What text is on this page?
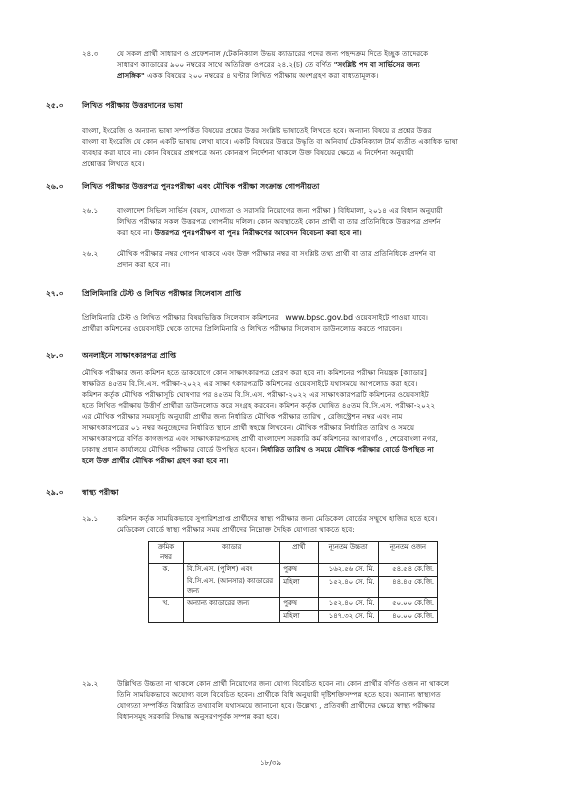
২৪.৩	যে সকল প্রার্থী সাধারণ ও প্রফেশনাল /টেকনিক্যাল উভয় ক্যাডারের পদের জন্য পছন্দক্রম দিতে ইচ্ছুক তাদেরকে

সাধারণ ক্যাডারের ৯০০ নম্বরের সাথে অতিরিক্ত ওপরের ২৪.২(চ) তে বর্ণিত "সংশ্লিষ্ট পদ বা সার্ভিসের জন্য

প্রাসঙ্গিক" একক বিষয়ের ২০০ নম্বরের ৪ ঘণ্টার লিখিত পরীক্ষায় অংশগ্রহণ করা বাধ্যতামূলক।

২৫.০ লিখিত পরীক্ষায় উত্তরদানের ভাষা

বাংলা, ইংরেজি ও অন্যান্য ভাষা সম্পর্কিত বিষয়ের প্রশ্নের উত্তর সংশ্লিষ্ট ভাষাতেই লিখতে হবে। অন্যান্য বিষয়ে র প্রশ্নের উত্তর

বাংলা বা ইংরেজি যে কোন একটি ভাষায় লেখা যাবে। একটি বিষয়ের উত্তরে উদ্ধৃতি বা অনিবার্য টেকনিক্যাল টার্ম ব্যতীত একাধিক ভাষা

ব্যবহার করা যাবে না। কোন বিষয়ের প্রশ্নপত্রে অন্য কোনরূপ নির্দেশনা থাকলে উক্ত বিষয়ের ক্ষেত্রে এ নির্দেশনা অনুযায়ী

প্রশ্নোত্তর লিখতে হবে।

২৬.০ লিখিত পরীক্ষার উত্তরপত্র পুনঃপরীক্ষা এবং মৌখিক পরীক্ষা সংক্রান্ত গোপনীয়তা
২৬.১	বাংলাদেশ সিভিল সার্ভিস (বয়স, যোগ্যতা ও সরাসরি নিয়োগের জন্য পরীক্ষা ) বিধিমালা, ২০১৪ এর বিধান অনুযায়ী

লিখিত পরীক্ষার সকল উত্তরপত্র গোপনীয় দলিল। কোন অবস্থাতেই কোন প্রার্থী বা তার প্রতিনিধিকে উত্তরপত্র প্রদর্শন

করা হবে না। উত্তরপত্র পুনঃপরীক্ষণ বা পুনঃ নিরীক্ষণের আবেদন বিবেচনা করা হবে না।

২৬.২	মৌখিক পরীক্ষার নম্বর গোপন থাকবে এবং উক্ত পরীক্ষার নম্বর বা সংশ্লিষ্ট তথ্য প্রার্থী বা তার প্রতিনিধিকে প্রদর্শন বা

প্রদান করা হবে না।

২৭.০ প্রিলিমিনারি টেস্ট ও লিখিত পরীক্ষার সিলেবাস প্রাপ্তি

প্রিলিমিনারি টেস্ট ও লিখিত পরীক্ষার বিষয়ভিত্তিক সিলেবাস কমিশনের www.bpsc.gov.bd ওয়েবসাইটে পাওয়া যাবে।

প্রার্থীরা কমিশনের ওয়েবসাইট থেকে তাদের প্রিলিমিনারি ও লিখিত পরীক্ষার সিলেবাস ডাউনলোড করতে পারবেন।

২৮.০ অনলাইনে সাক্ষাৎকারপত্র প্রাপ্তি

মৌখিক পরীক্ষার জন্য কমিশন হতে ডাকযোগে কোন সাক্ষাৎকারপত্র প্রেরণ করা হবে না। কমিশনের পরীক্ষা নিয়ন্ত্রক [ক্যাডার]

স্বাক্ষরিত ৪৫তম বি.সি.এস. পরীক্ষা-২০২২ এর সাক্ষা ৎকারপত্রটি কমিশনের ওয়েবসাইটে যথাসময়ে আপলোড করা হবে।

কমিশন কর্তৃক মৌখিক পরীক্ষাসূচি ঘোষণার পর ৪৫তম বি.সি.এস. পরীক্ষা-২০২২ এর সাক্ষাৎকারপত্রটি কমিশনের ওয়েবসাইট

হতে লিখিত পরীক্ষায় উত্তীর্ণ প্রার্থীরা ডাউনলোড করে সংগ্রহ করবেন। কমিশন কর্তৃক ঘোষিত ৪৫তম বি.সি.এস. পরীক্ষা-২০২২

এর মৌখিক পরীক্ষার সময়সূচি অনুযায়ী প্রার্থীর জন্য নির্ধারিত মৌখিক পরীক্ষার তারিখ , রেজিস্ট্রেশন নম্বর এবং নাম

সাক্ষাৎকারপত্রের ০১ নম্বর অনুচ্ছেদের নির্ধারিত স্থানে প্রার্থী স্বহস্তে লিখবেন। মৌখিক পরীক্ষার নির্ধারিত তারিখ ও সময়ে

সাক্ষাৎকারপত্রে বর্ণিত কাগজপত্র এবং সাক্ষাৎকারপত্রসহ প্রার্থী বাংলাদেশ সরকারি কর্ম কমিশনের আগারগাঁও , শেরেবাংলা নগর,

ঢাকাস্থ প্রধান কার্যালয়ে মৌখিক পরীক্ষার বোর্ডে উপস্থিত হবেন। নির্ধারিত তারিখ ও সময়ে মৌখিক পরীক্ষার বোর্ডে উপস্থিত না

হলে উক্ত প্রার্থীর মৌখিক পরীক্ষা গ্রহণ করা হবে না।

২৯.০ স্বাস্থ্য পরীক্ষা
২৯.১	কমিশন কর্তৃক সাময়িকভাবে সুপারিশপ্রাপ্ত প্রার্থীদের স্বাস্থ্য পরীক্ষার জন্য মেডিকেল বোর্ডের সম্মুখে হাজির হতে হবে।

মেডিকেল বোর্ডে স্বাস্থ্য পরীক্ষার সময় প্রার্থীদের নিম্নোক্ত দৈহিক যোগ্যতা থাকতে হবে:

ক্রমিক নম্বর	ক্যাডার	প্রার্থী	ন্যূনতম উচ্চতা	ন্যূনতম ওজন
ক.	বি.সি.এস. (পুলিশ) এবং	পুরুষ	১৬২.৫৬ সে. মি.	৫৪.৫৪ কে.জি.
	বি.সি.এস. (আনসার) ক্যাডারের জন্য	মহিলা	১৫২.৪০ সে. মি.	৪৪.৪৫ কে.জি.
খ.	অন্যান্য ক্যাডারের জন্য	পুরুষ	১৫২.৪০ সে. মি.	৫০.০০ কে.জি.
		মহিলা	১৪৭.৩২ সে. মি.	৪০.০০ কে.জি.
২৯.২	উল্লিখিত উচ্চতা না থাকলে কোন প্রার্থী নিয়োগের জন্য যোগ্য বিবেচিত হবেন না। কোন প্রার্থীর বর্ণিত ওজন না থাকলে

তিনি সাময়িকভাবে অযোগ্য বলে বিবেচিত হবেন। প্রার্থীকে বিধি অনুযায়ী দৃষ্টিশক্তিসম্পন্ন হতে হবে। অন্যান্য স্বাস্থ্যগত

যোগ্যতা সম্পর্কিত বিস্তারিত তথ্যাবলি যথাসময়ে জানানো হবে। উল্লেখ্য , প্রতিবন্ধী প্রার্থীদের ক্ষেত্রে স্বাস্থ্য পরীক্ষার

বিধানসমূহ সরকারি সিদ্ধান্ত অনুসরণপূর্বক সম্পন্ন করা হবে।

১৮/৩৯
